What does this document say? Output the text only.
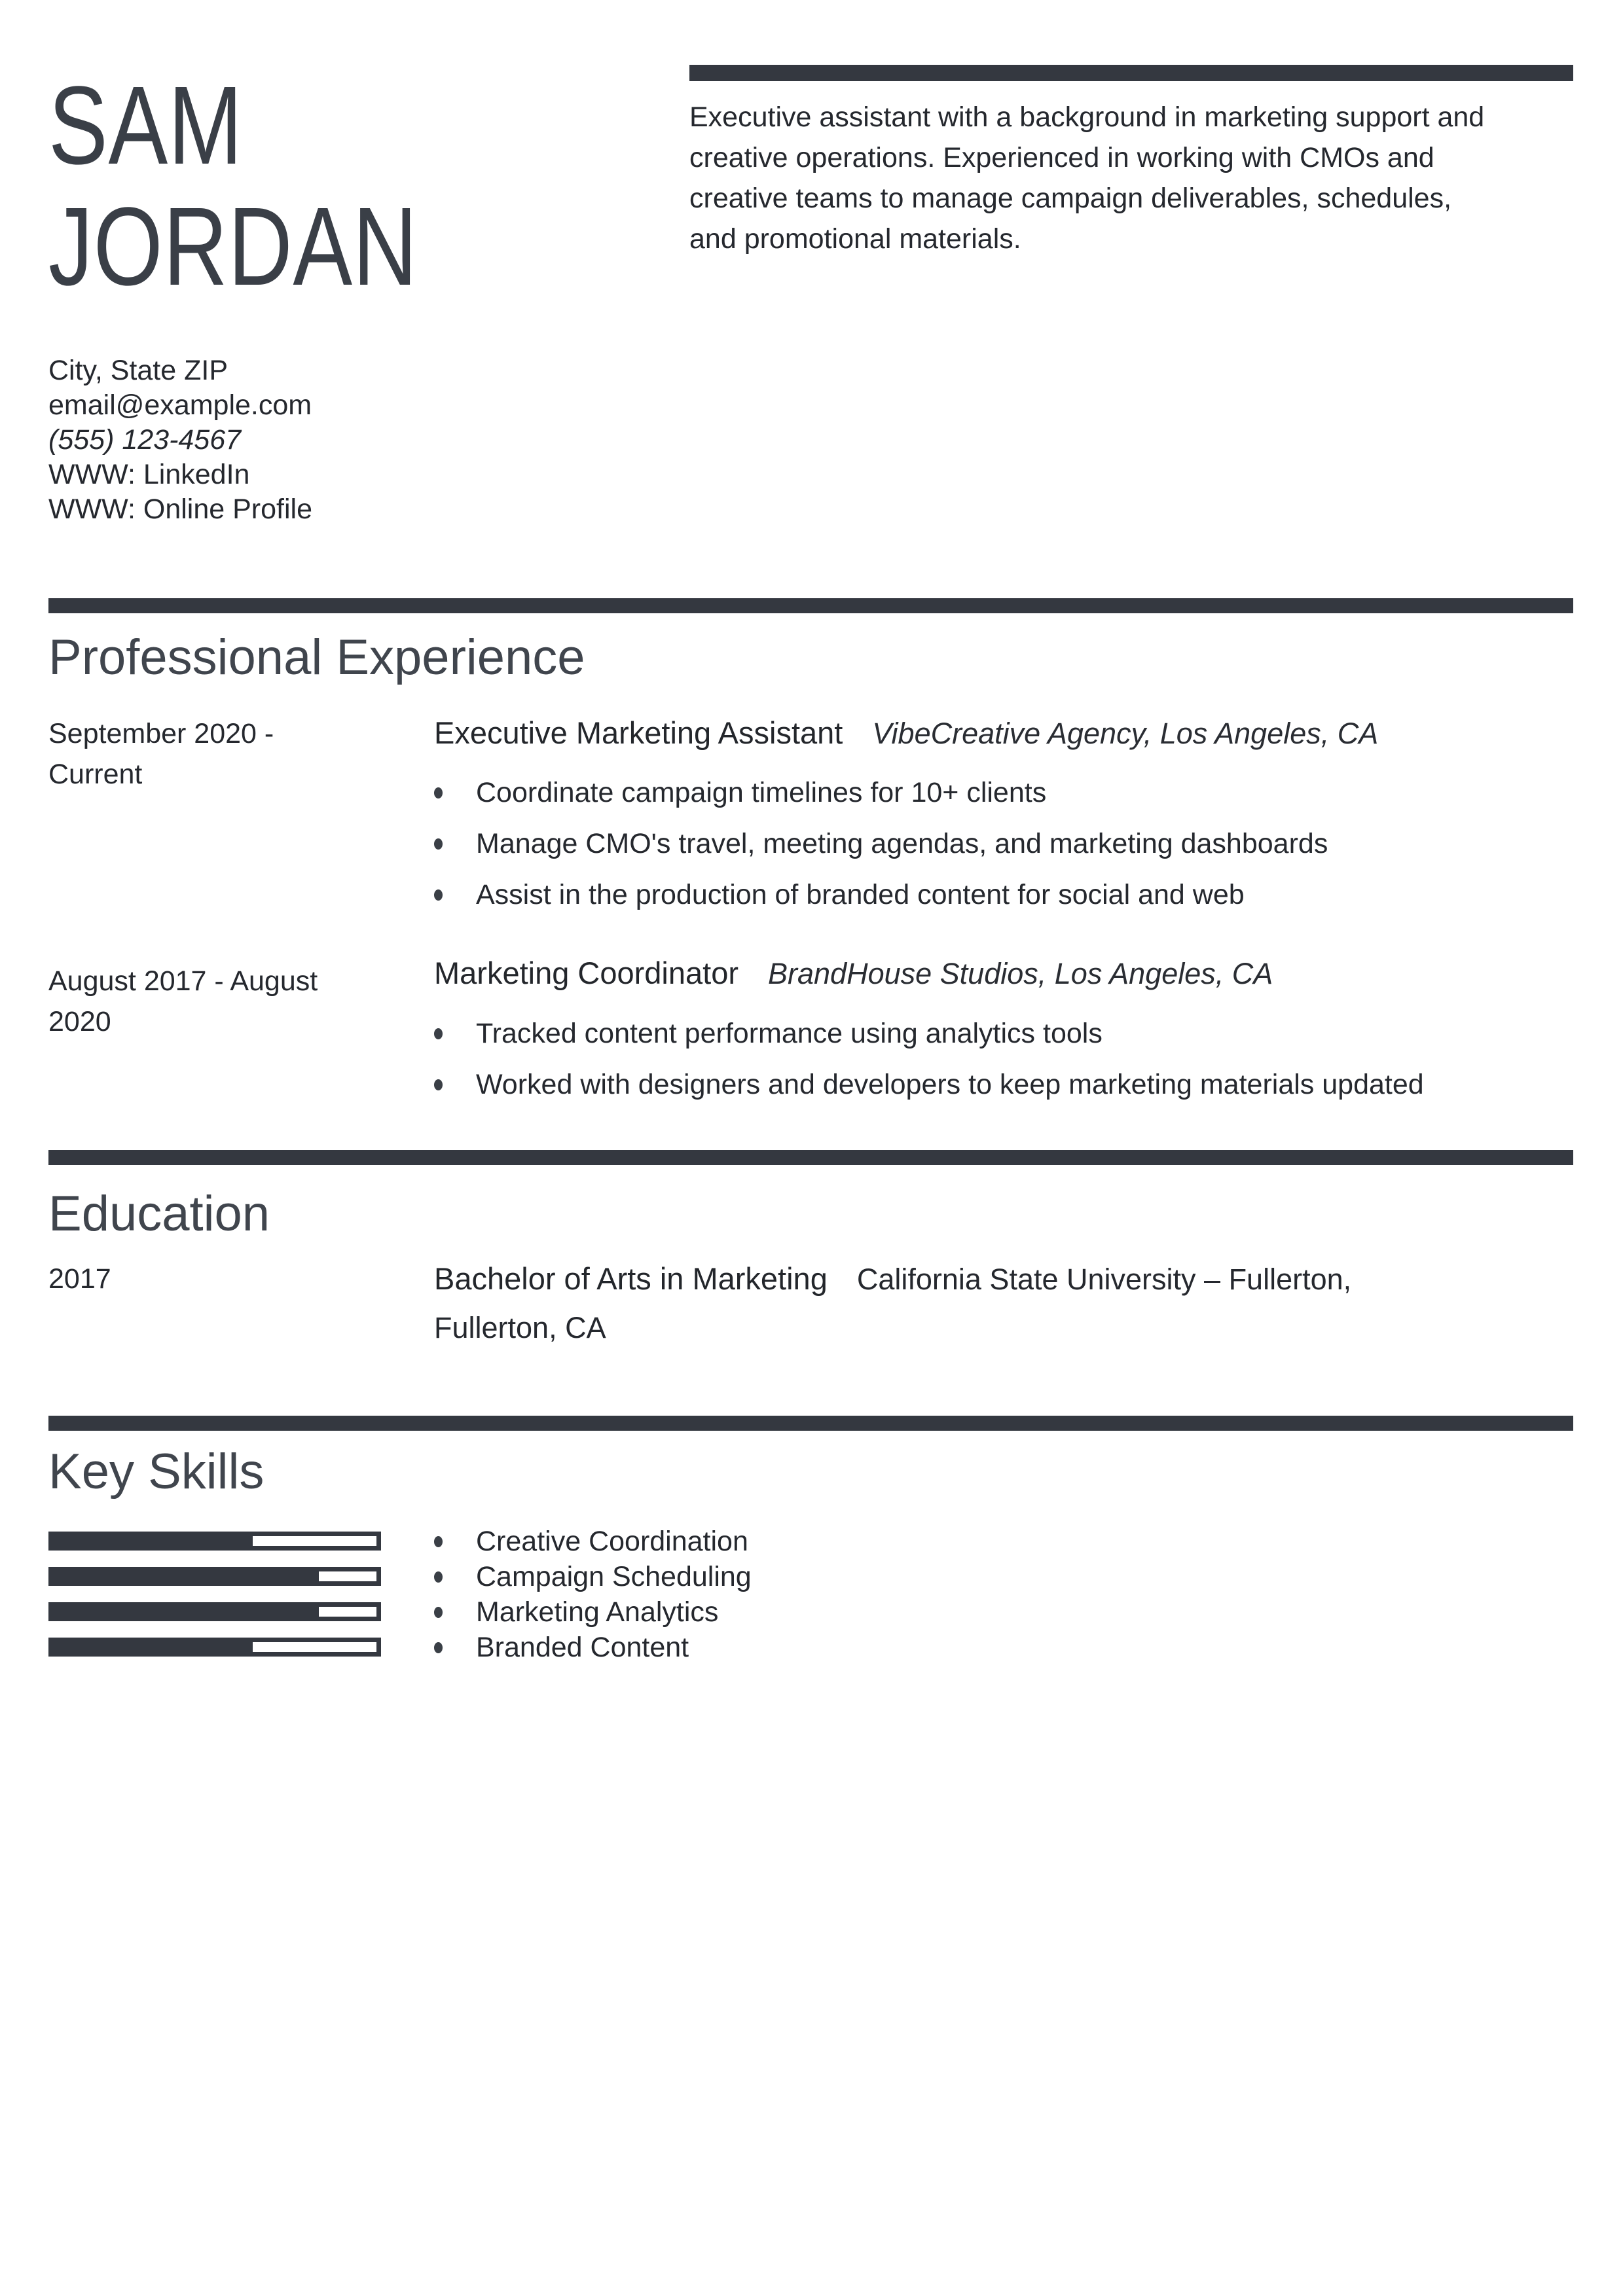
SAM
JORDAN
Executive assistant with a background in marketing support and
creative operations. Experienced in working with CMOs and
creative teams to manage campaign deliverables, schedules,
and promotional materials.
City, State ZIP
email@example.com
(555) 123-4567
WWW: LinkedIn
WWW: Online Profile
Professional Experience
September 2020 -
Current
Executive Marketing Assistant VibeCreative Agency, Los Angeles, CA
Coordinate campaign timelines for 10+ clients
Manage CMO's travel, meeting agendas, and marketing dashboards
Assist in the production of branded content for social and web
August 2017 - August
2020
Marketing Coordinator BrandHouse Studios, Los Angeles, CA
Tracked content performance using analytics tools
Worked with designers and developers to keep marketing materials updated
Education
2017	Bachelor of Arts in Marketing California State University – Fullerton,
Fullerton, CA
Key Skills
Creative Coordination
Campaign Scheduling
Marketing Analytics
Branded Content
